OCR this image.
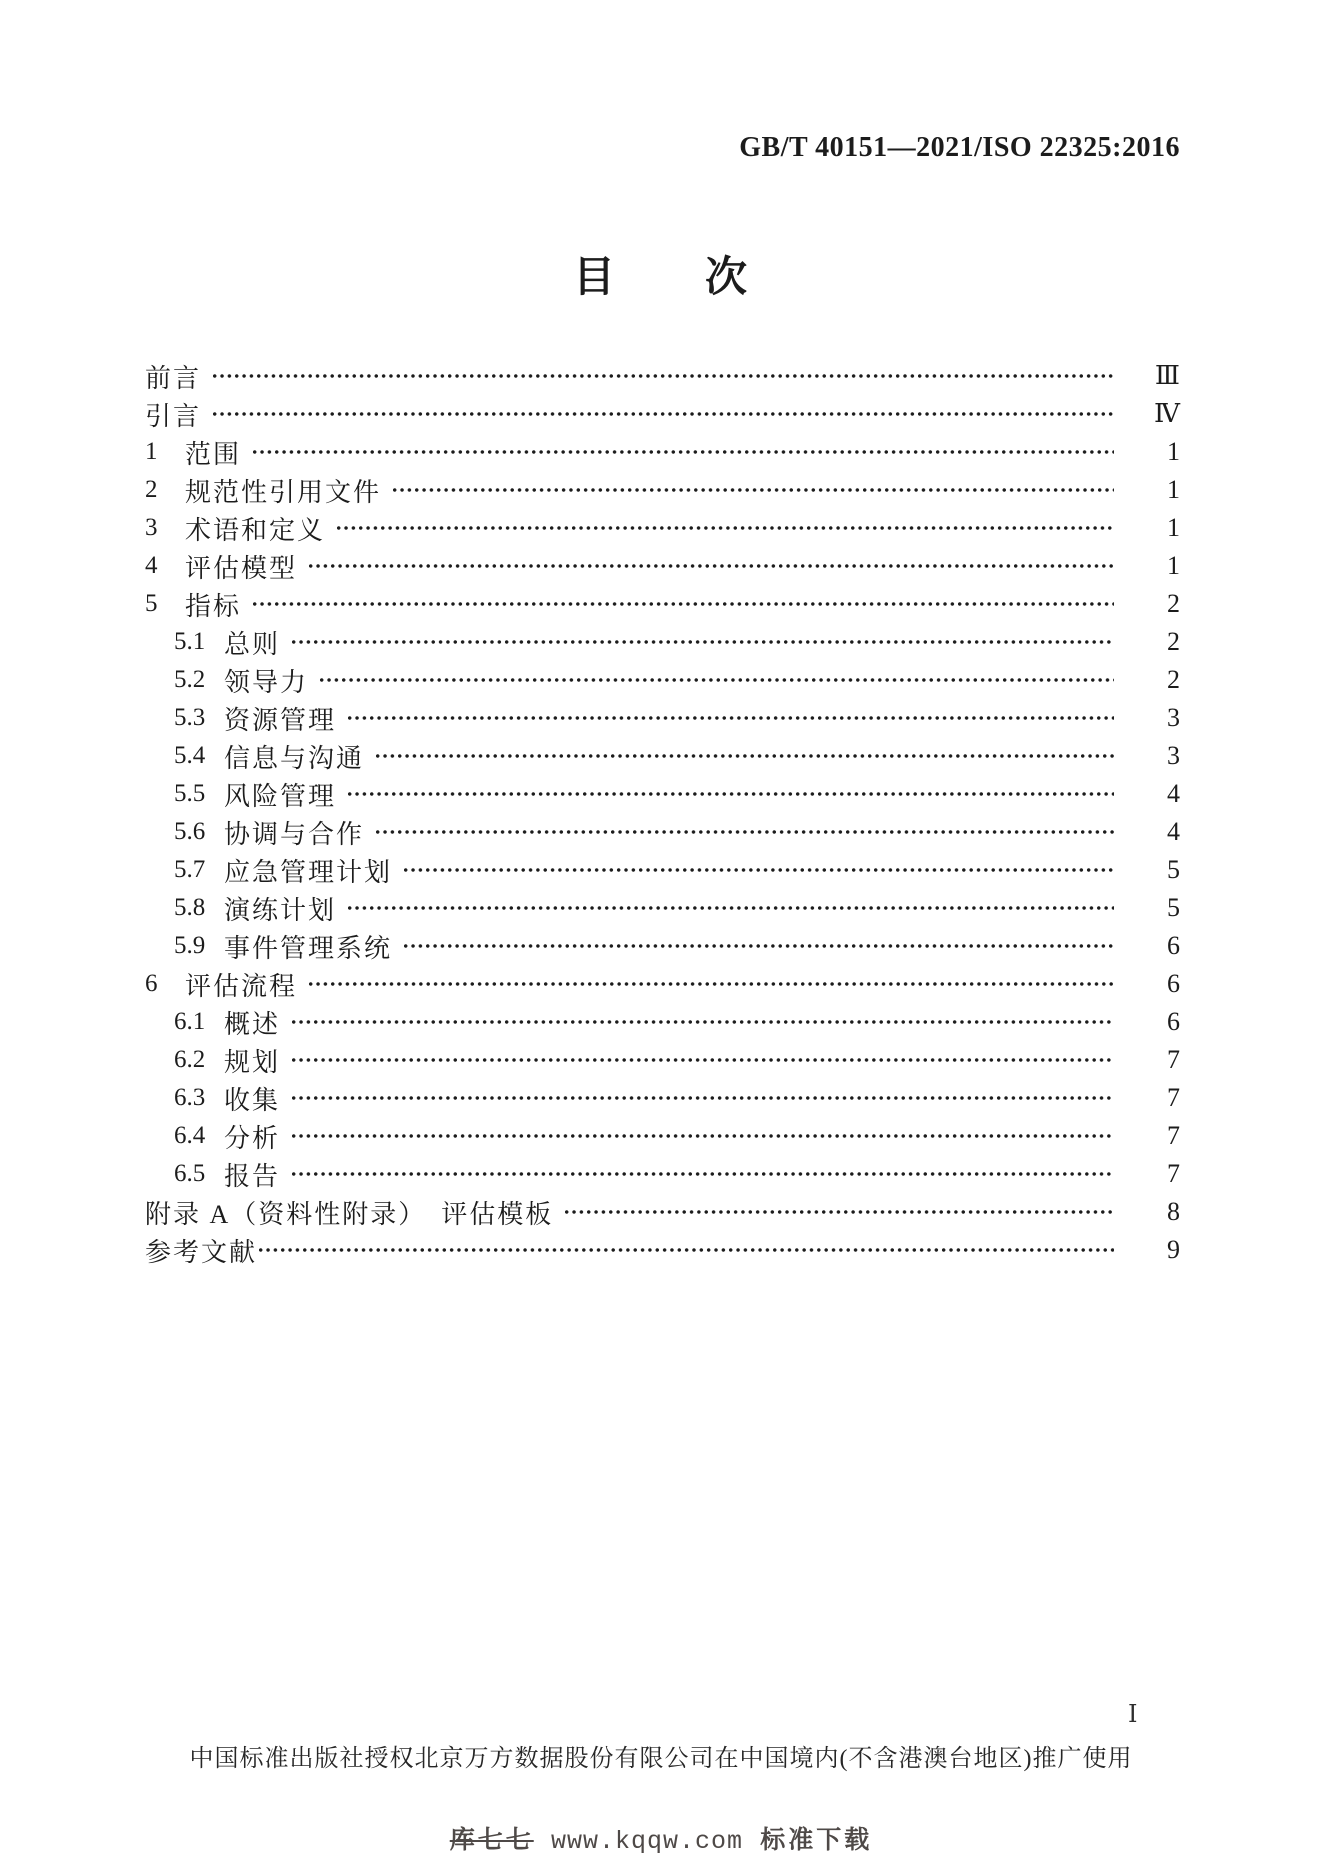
GB/T 40151—2021/ISO 22325:2016
目　　次
前言	Ⅲ
引言	Ⅳ
1	范围	1
2	规范性引用文件	1
3	术语和定义	1
4	评估模型	1
5	指标	2
5.1 总则	2
5.2 领导力	2
5.3 资源管理	3
5.4 信息与沟通	3
5.5 风险管理	4
5.6 协调与合作	4
5.7 应急管理计划	5
5.8 演练计划	5
5.9 事件管理系统	6
6	评估流程	6
6.1 概述	6
6.2 规划	7
6.3 收集	7
6.4 分析	7
6.5 报告	7
附录 A（资料性附录）　评估模板	8
参考文献	9
中国标准出版社授权北京万方数据股份有限公司在中国境内(不含港澳台地区)推广使用
Ⅰ
库七七 www.kqqw.com 标准下载
